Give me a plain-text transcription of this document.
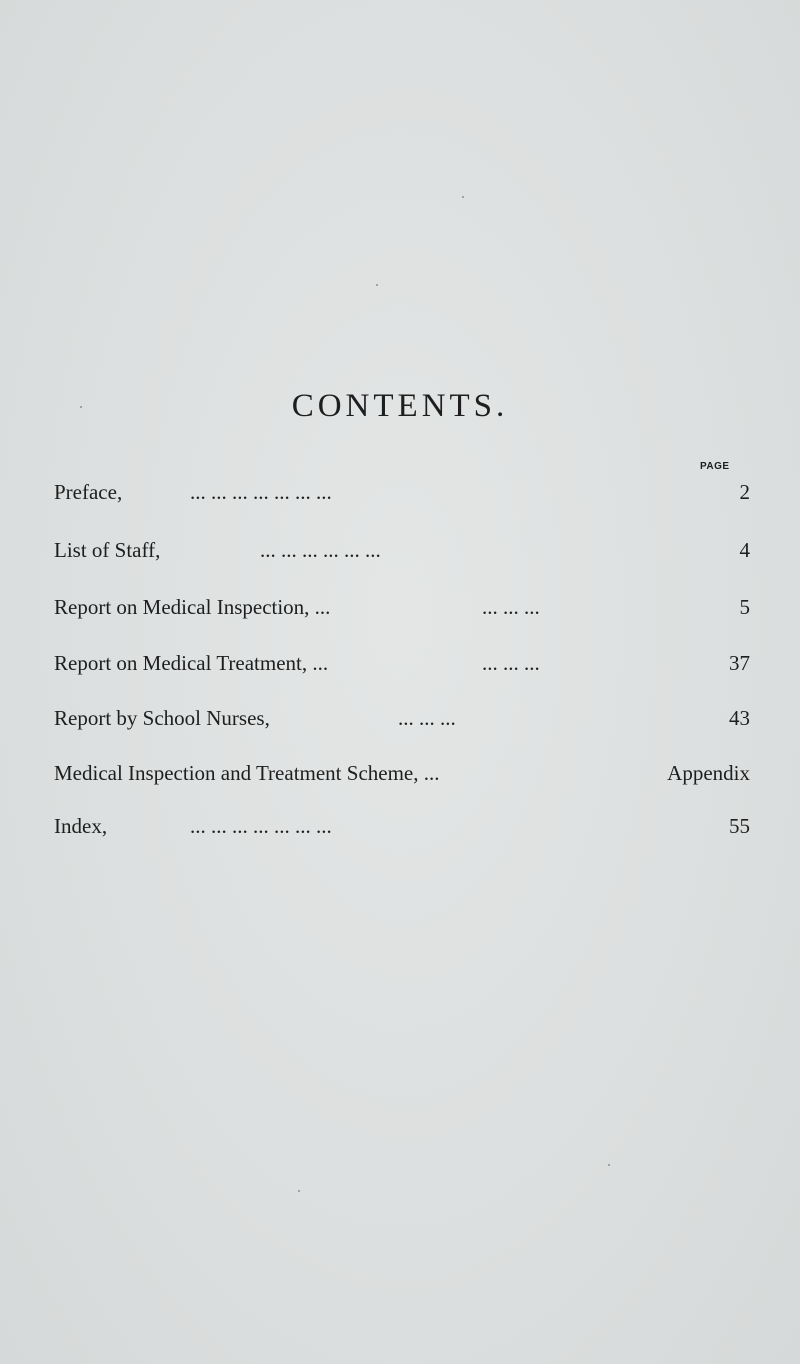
CONTENTS.
PAGE
Preface,	... ... ... ... ... ... ...	2
List of Staff,	... ... ... ... ... ...	4
Report on Medical Inspection, ...	... ... ...	5
Report on Medical Treatment, ...	... ... ...	37
Report by School Nurses,	... ... ...	43
Medical Inspection and Treatment Scheme, ...	Appendix
Index,	... ... ... ... ... ... ...	55
